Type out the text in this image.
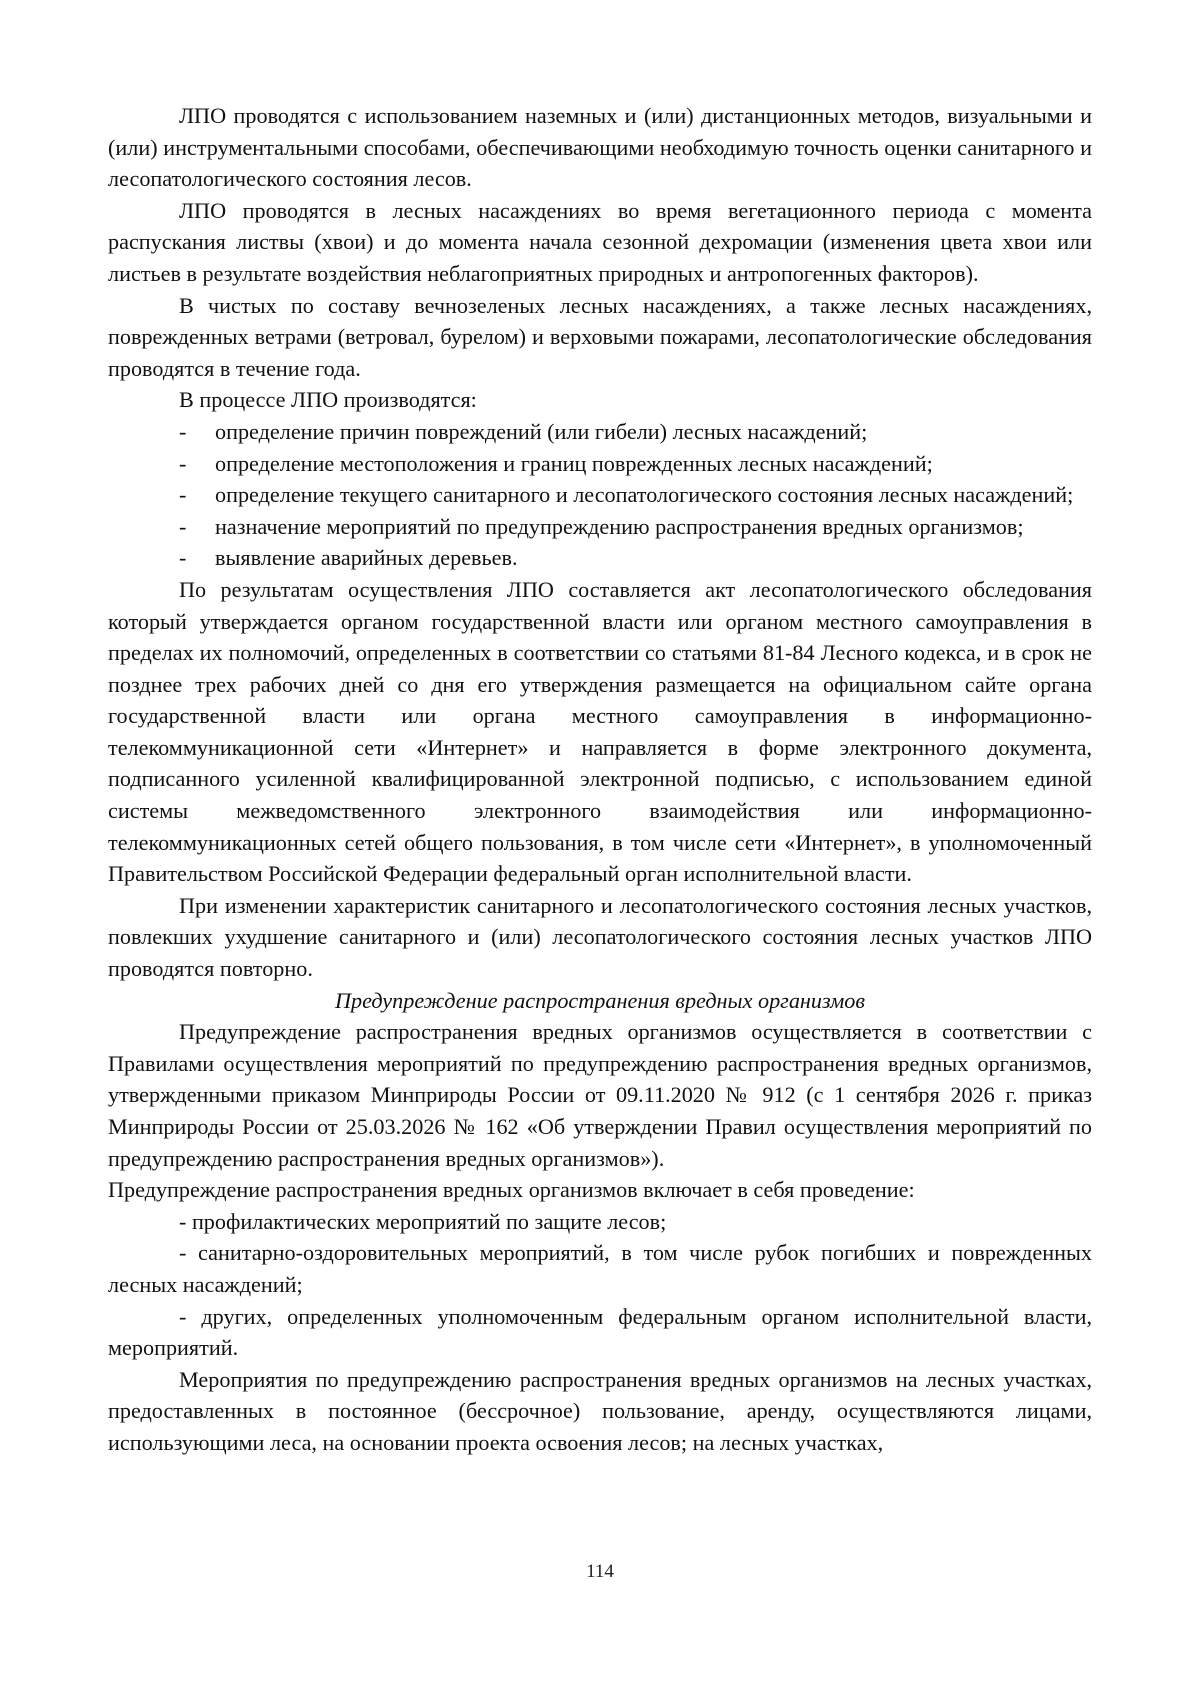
ЛПО проводятся с использованием наземных и (или) дистанционных методов, визуальными и (или) инструментальными способами, обеспечивающими необходимую точность оценки санитарного и лесопатологического состояния лесов.

ЛПО проводятся в лесных насаждениях во время вегетационного периода с момента распускания листвы (хвои) и до момента начала сезонной дехромации (изменения цвета хвои или листьев в результате воздействия неблагоприятных природных и антропогенных факторов).

В чистых по составу вечнозеленых лесных насаждениях, а также лесных насаждениях, поврежденных ветрами (ветровал, бурелом) и верховыми пожарами, лесопатологические обследования проводятся в течение года.

В процессе ЛПО производятся:

- определение причин повреждений (или гибели) лесных насаждений;

- определение местоположения и границ поврежденных лесных насаждений;

- определение текущего санитарного и лесопатологического состояния лесных насаждений;

- назначение мероприятий по предупреждению распространения вредных организмов;

- выявление аварийных деревьев.

По результатам осуществления ЛПО составляется акт лесопатологического обследования который утверждается органом государственной власти или органом местного самоуправления в пределах их полномочий, определенных в соответствии со статьями 81-84 Лесного кодекса, и в срок не позднее трех рабочих дней со дня его утверждения размещается на официальном сайте органа государственной власти или органа местного самоуправления в информационно-телекоммуникационной сети «Интернет» и направляется в форме электронного документа, подписанного усиленной квалифицированной электронной подписью, с использованием единой системы межведомственного электронного взаимодействия или информационно-телекоммуникационных сетей общего пользования, в том числе сети «Интернет», в уполномоченный Правительством Российской Федерации федеральный орган исполнительной власти.

При изменении характеристик санитарного и лесопатологического состояния лесных участков, повлекших ухудшение санитарного и (или) лесопатологического состояния лесных участков ЛПО проводятся повторно.

Предупреждение распространения вредных организмов

Предупреждение распространения вредных организмов осуществляется в соответствии с Правилами осуществления мероприятий по предупреждению распространения вредных организмов, утвержденными приказом Минприроды России от 09.11.2020 № 912 (с 1 сентября 2026 г. приказ Минприроды России от 25.03.2026 № 162 «Об утверждении Правил осуществления мероприятий по предупреждению распространения вредных организмов»).

Предупреждение распространения вредных организмов включает в себя проведение:

- профилактических мероприятий по защите лесов;

- санитарно-оздоровительных мероприятий, в том числе рубок погибших и поврежденных лесных насаждений;

- других, определенных уполномоченным федеральным органом исполнительной власти, мероприятий.

Мероприятия по предупреждению распространения вредных организмов на лесных участках, предоставленных в постоянное (бессрочное) пользование, аренду, осуществляются лицами, использующими леса, на основании проекта освоения лесов; на лесных участках,

114
